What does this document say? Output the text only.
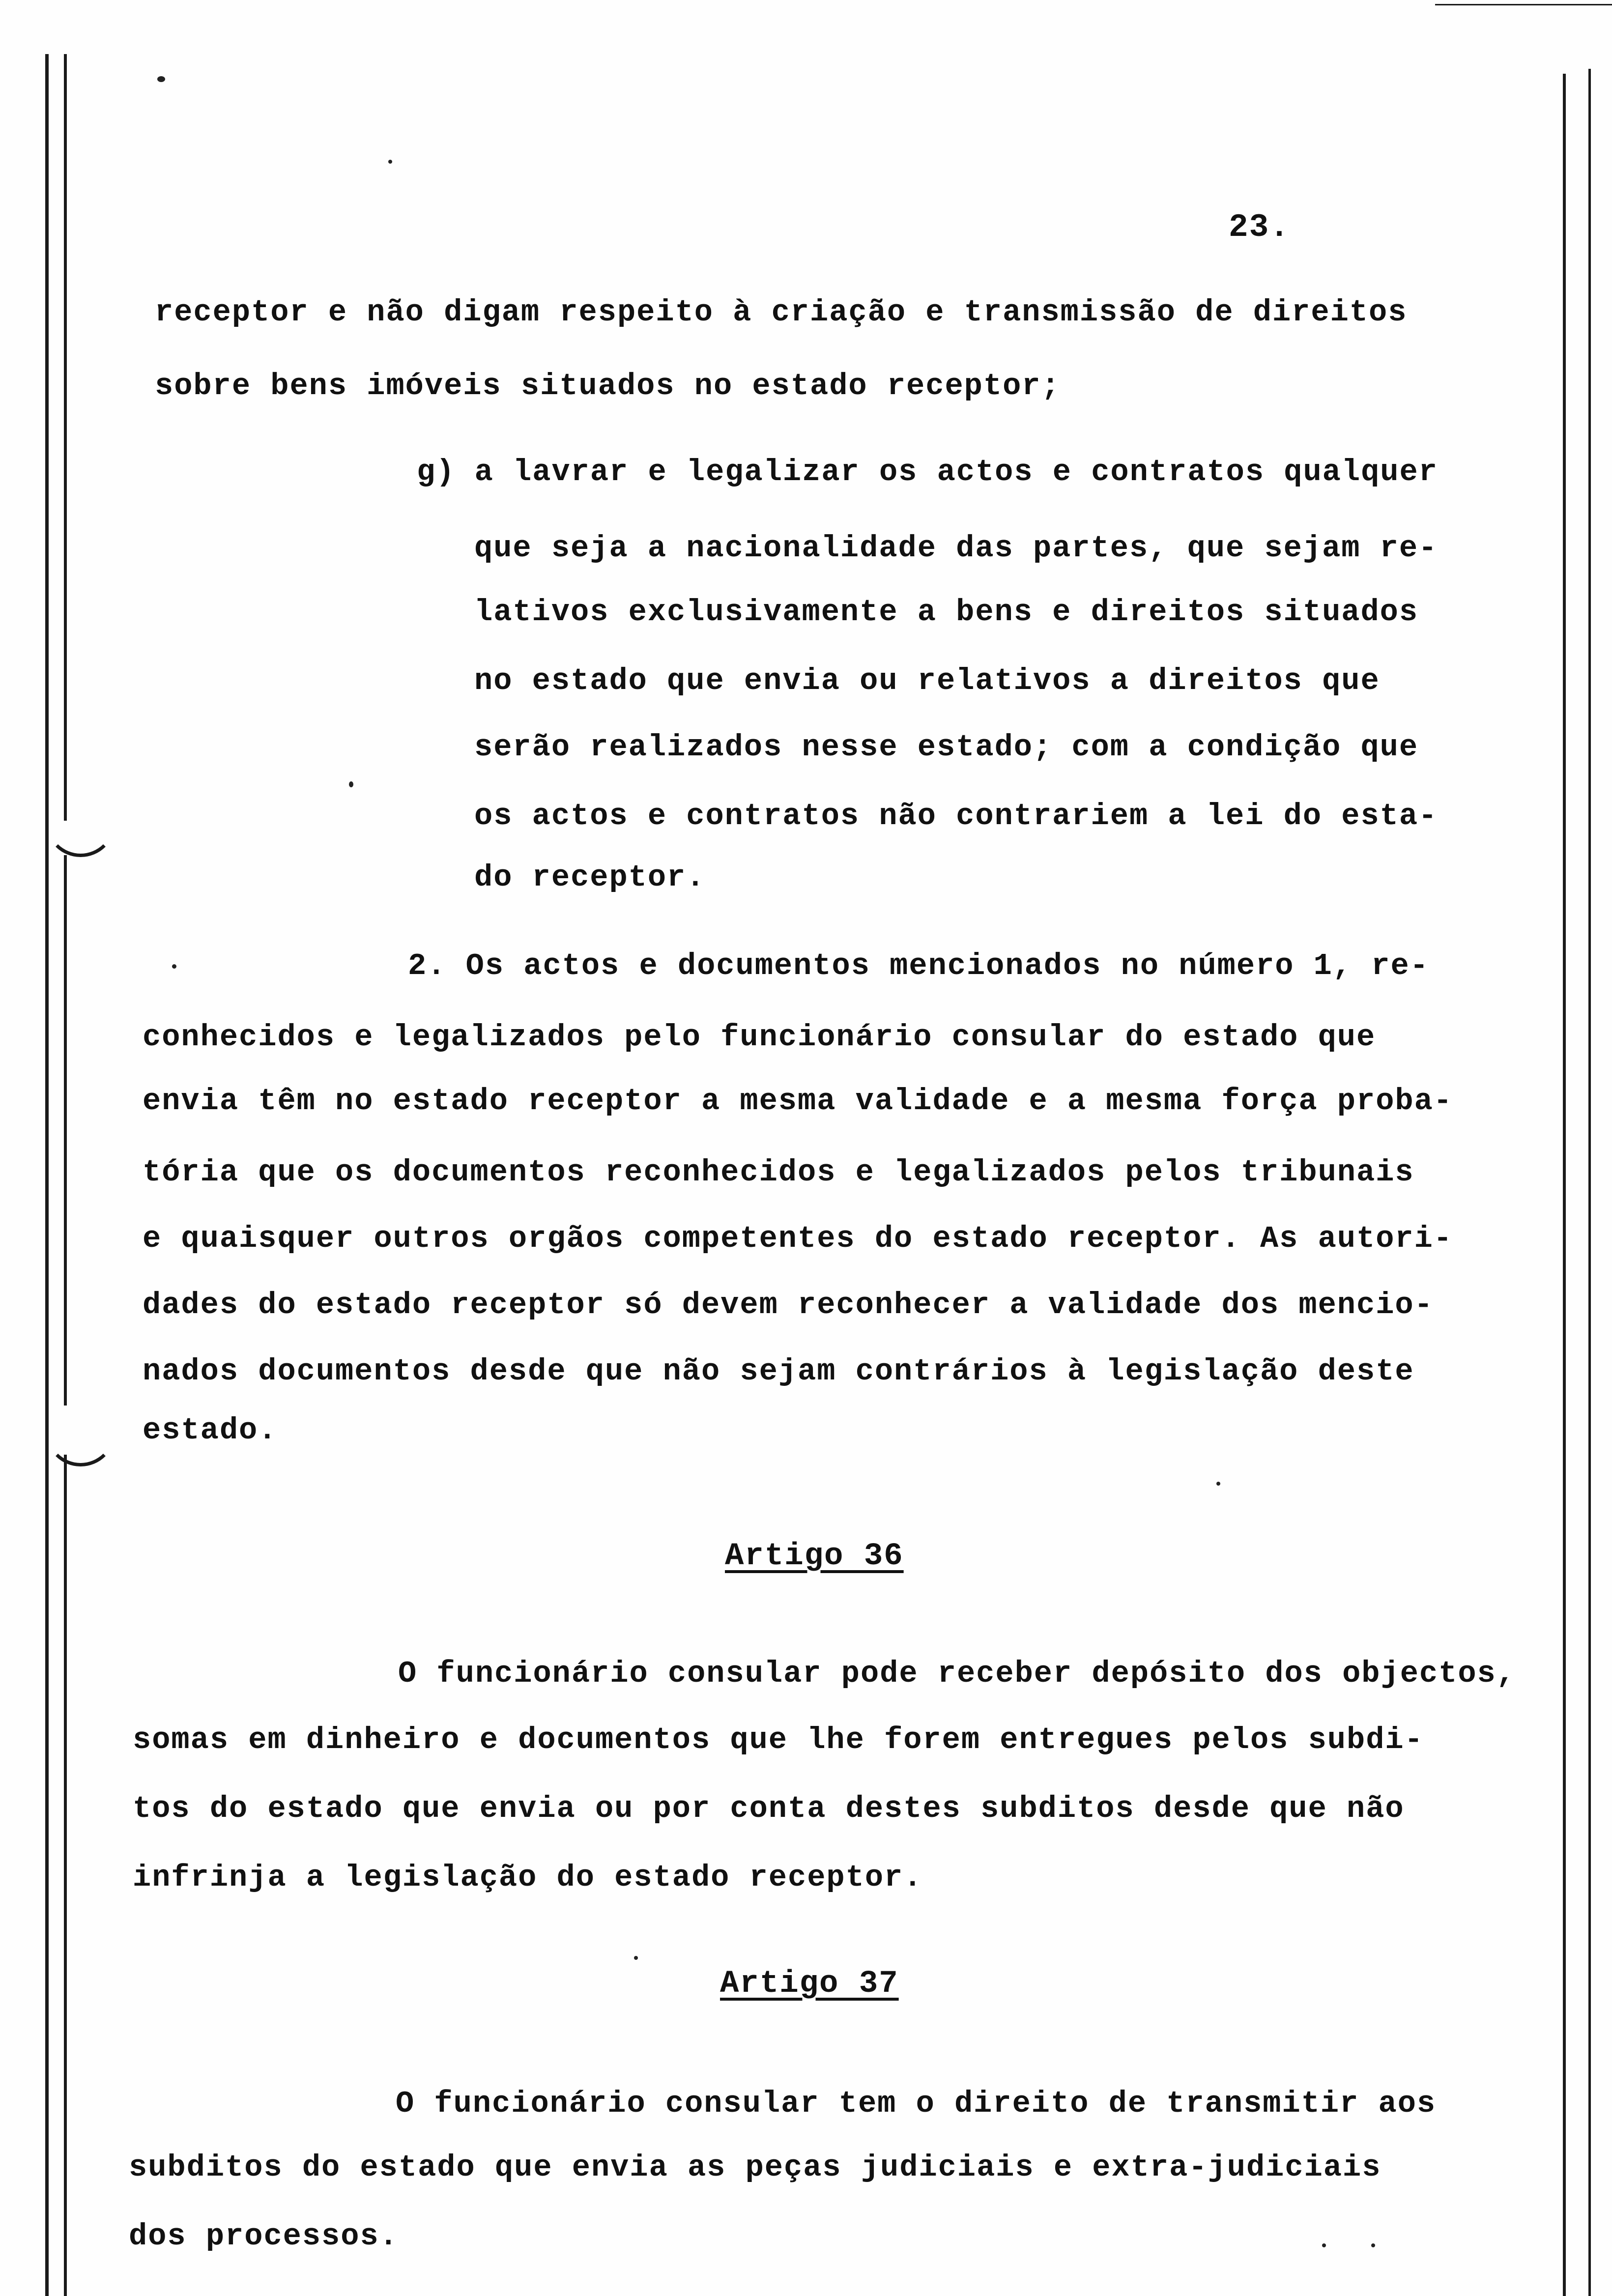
23.
receptor e não digam respeito à criação e transmissão de direitos
sobre bens imóveis situados no estado receptor;
g) a lavrar e legalizar os actos e contratos qualquer
que seja a nacionalidade das partes, que sejam re-
lativos exclusivamente a bens e direitos situados
no estado que envia ou relativos a direitos que
serão realizados nesse estado; com a condição que
os actos e contratos não contrariem a lei do esta-
do receptor.
2. Os actos e documentos mencionados no número 1, re-
conhecidos e legalizados pelo funcionário consular do estado que
envia têm no estado receptor a mesma validade e a mesma força proba-
tória que os documentos reconhecidos e legalizados pelos tribunais
e quaisquer outros orgãos competentes do estado receptor. As autori-
dades do estado receptor só devem reconhecer a validade dos mencio-
nados documentos desde que não sejam contrários à legislação deste
estado.
Artigo 36
O funcionário consular pode receber depósito dos objectos,
somas em dinheiro e documentos que lhe forem entregues pelos subdi-
tos do estado que envia ou por conta destes subditos desde que não
infrinja a legislação do estado receptor.
Artigo 37
O funcionário consular tem o direito de transmitir aos
subditos do estado que envia as peças judiciais e extra-judiciais
dos processos.
